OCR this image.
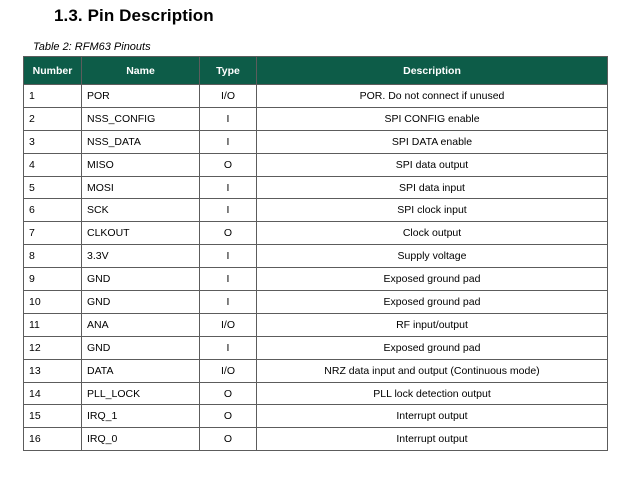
1.3. Pin Description
Table 2: RFM63 Pinouts
Number	Name	Type	Description
1	POR	I/O	POR. Do not connect if unused
2	NSS_CONFIG	I	SPI CONFIG enable
3	NSS_DATA	I	SPI DATA enable
4	MISO	O	SPI data output
5	MOSI	I	SPI data input
6	SCK	I	SPI clock input
7	CLKOUT	O	Clock output
8	3.3V	I	Supply voltage
9	GND	I	Exposed ground pad
10	GND	I	Exposed ground pad
11	ANA	I/O	RF input/output
12	GND	I	Exposed ground pad
13	DATA	I/O	NRZ data input and output (Continuous mode)
14	PLL_LOCK	O	PLL lock detection output
15	IRQ_1	O	Interrupt output
16	IRQ_0	O	Interrupt output
